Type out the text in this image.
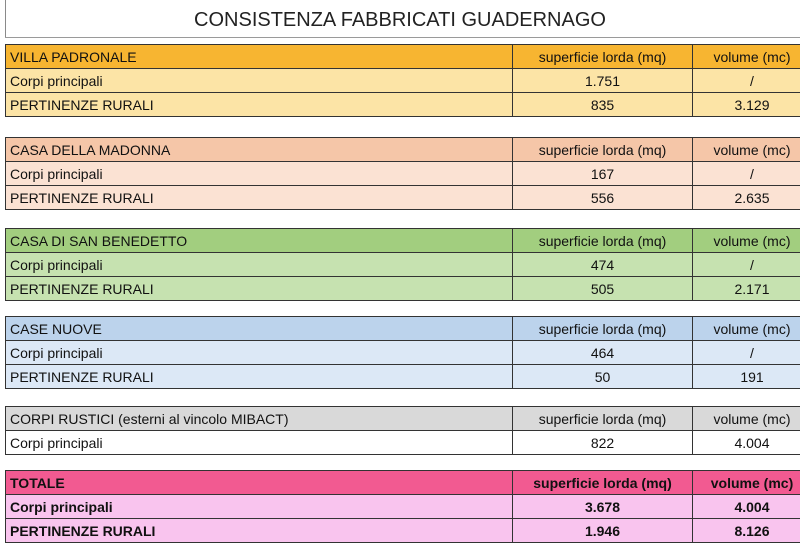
CONSISTENZA FABBRICATI GUADERNAGO
VILLA PADRONALE	superficie lorda (mq)	volume (mc)
Corpi principali	1.751	/
PERTINENZE RURALI	835	3.129
CASA DELLA MADONNA	superficie lorda (mq)	volume (mc)
Corpi principali	167	/
PERTINENZE RURALI	556	2.635
CASA DI SAN BENEDETTO	superficie lorda (mq)	volume (mc)
Corpi principali	474	/
PERTINENZE RURALI	505	2.171
CASE NUOVE	superficie lorda (mq)	volume (mc)
Corpi principali	464	/
PERTINENZE RURALI	50	191
CORPI RUSTICI (esterni al vincolo MIBACT)	superficie lorda (mq)	volume (mc)
Corpi principali	822	4.004
TOTALE	superficie lorda (mq)	volume (mc)
Corpi principali	3.678	4.004
PERTINENZE RURALI	1.946	8.126
